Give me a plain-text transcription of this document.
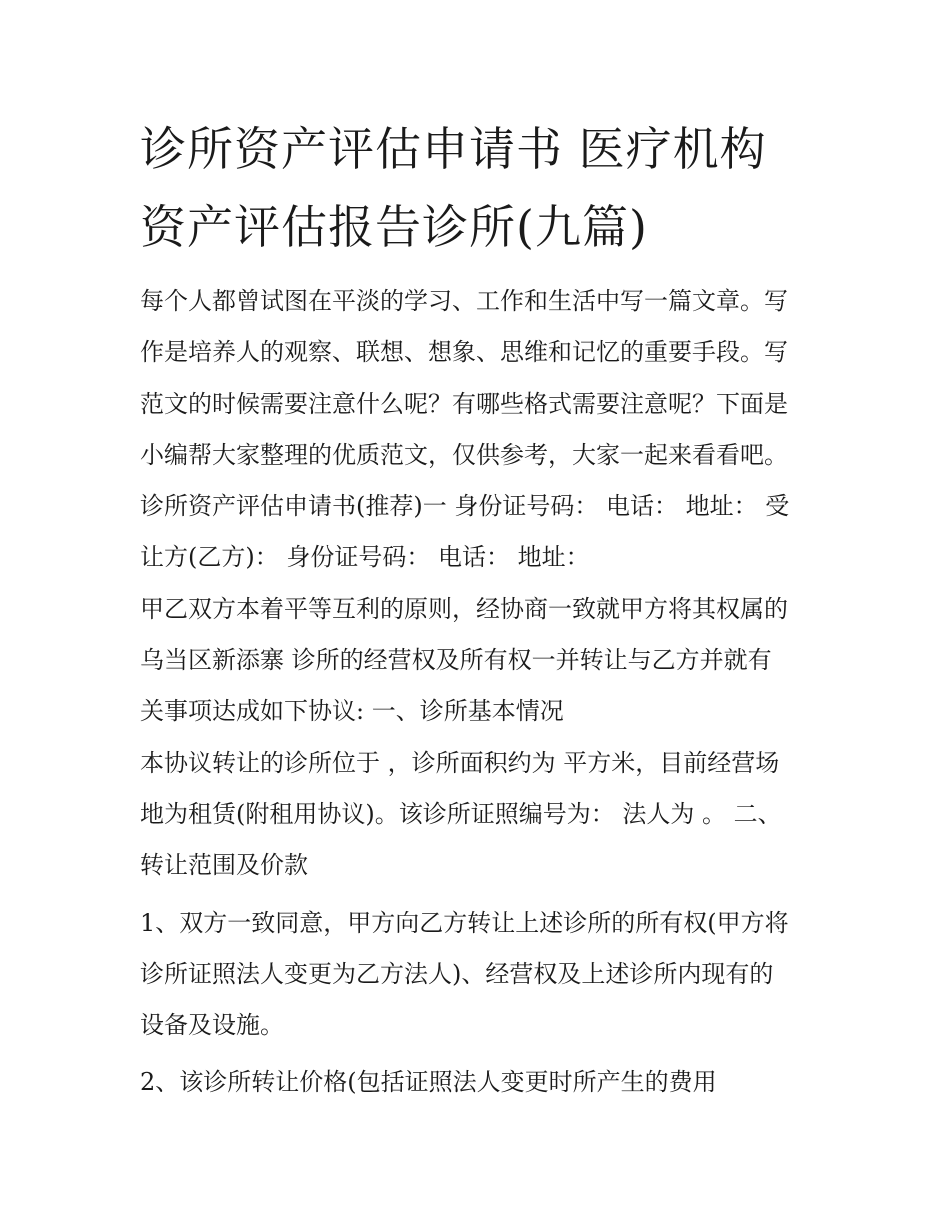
诊所资产评估申请书 医疗机构
资产评估报告诊所(九篇)
每个人都曾试图在平淡的学习、工作和生活中写一篇文章。写
作是培养人的观察、联想、想象、思维和记忆的重要手段。写
范文的时候需要注意什么呢？有哪些格式需要注意呢？下面是
小编帮大家整理的优质范文，仅供参考，大家一起来看看吧。
诊所资产评估申请书(推荐)一 身份证号码： 电话： 地址： 受
让方(乙方)： 身份证号码： 电话： 地址：
甲乙双方本着平等互利的原则，经协商一致就甲方将其权属的
乌当区新添寨 诊所的经营权及所有权一并转让与乙方并就有
关事项达成如下协议: 一、诊所基本情况
本协议转让的诊所位于 ，诊所面积约为 平方米，目前经营场
地为租赁(附租用协议)。该诊所证照编号为： 法人为 。 二、
转让范围及价款
1、双方一致同意，甲方向乙方转让上述诊所的所有权(甲方将
诊所证照法人变更为乙方法人)、经营权及上述诊所内现有的
设备及设施。
2、该诊所转让价格(包括证照法人变更时所产生的费用
